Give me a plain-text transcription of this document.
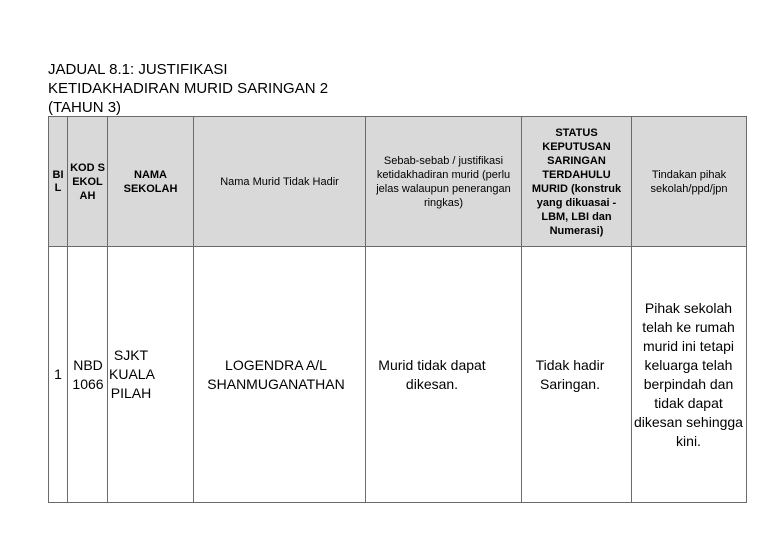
JADUAL 8.1: JUSTIFIKASI
KETIDAKHADIRAN MURID SARINGAN 2
(TAHUN 3)
BIL	KOD SEKOLAH	NAMA SEKOLAH	Nama Murid Tidak Hadir	Sebab-sebab / justifikasi ketidakhadiran murid (perlu jelas walaupun penerangan ringkas)	STATUS KEPUTUSAN SARINGAN TERDAHULU MURID (konstruk yang dikuasai - LBM, LBI dan Numerasi)	Tindakan pihak sekolah/ppd/jpn
1	NBD 1066	SJKT KUALA PILAH	LOGENDRA A/L SHANMUGANATHAN	Murid tidak dapat dikesan.	Tidak hadir Saringan.	Pihak sekolah telah ke rumah murid ini tetapi keluarga telah berpindah dan tidak dapat dikesan sehingga kini.
